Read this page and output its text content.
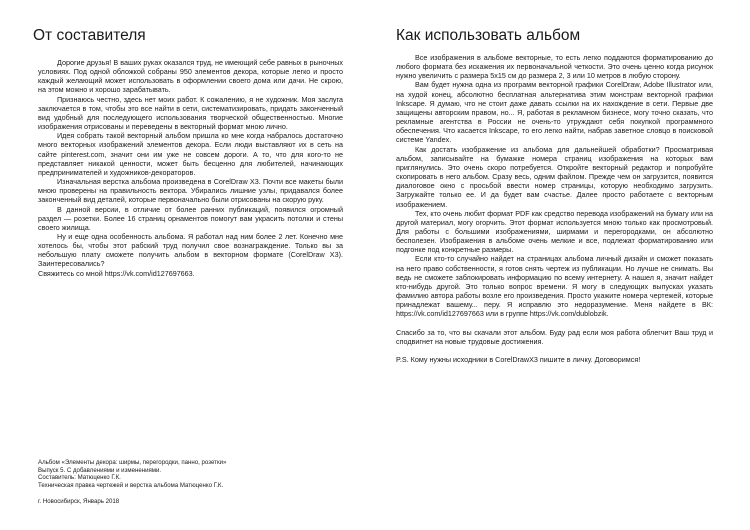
От составителя

Дорогие друзья! В ваших руках оказался труд, не имеющий себе равных в рыночных условиях. Под одной обложкой собраны 950 элементов декора, которые легко и просто каждый желающий может использовать в оформлении своего дома или дачи. Не скрою, на этом можно и хорошо зарабатывать.

Признаюсь честно, здесь нет моих работ. К сожалению, я не художник. Моя заслуга заключается в том, чтобы это все найти в сети, систематизировать, придать законченный вид удобный для последующего использования творческой общественностью. Многие изображения отрисованы и переведены в векторный формат мною лично.

Идея собрать такой векторный альбом пришла ко мне когда набралось достаточно много векторных изображений элементов декора. Если люди выставляют их в сеть на сайте pinterest.com, значит они им уже не совсем дороги. А то, что для кого-то не представляет никакой ценности, может быть бесценно для любителей, начинающих предпринимателей и художников-декораторов.

Изначальная верстка альбома произведена в CorelDraw X3. Почти все макеты были мною проверены на правильность вектора. Убирались лишние узлы, придавался более законченный вид деталей, которые первоначально были отрисованы на скорую руку.

В данной версии, в отличие от более ранних публикаций, появился огромный раздел — розетки. Более 16 страниц орнаментов помогут вам украсить потолки и стены своего жилища.

Ну и еще одна особенность альбома. Я работал над ним более 2 лет. Конечно мне хотелось бы, чтобы этот рабский труд получил свое вознаграждение. Только вы за небольшую плату сможете получить альбом в векторном формате (CorelDraw X3). Заинтересовались?

Свяжитесь со мной https://vk.com/id127697663.

Альбом «Элементы декора: ширмы, перегородки, панно, розетки»
Выпуск 5. С добавлениями и изменениями.
Составитель: Матюценко Г.К.
Техническая правка чертежей и верстка альбома Матюценко Г.К.
г. Новосибирск, Январь 2018
Как использовать альбом

Все изображения в альбоме векторные, то есть легко поддаются форматированию до любого формата без искажения их первоначальной четкости. Это очень ценно когда рисунок нужно увеличить с размера 5х15 см до размера 2, 3 или 10 метров в любую сторону.

Вам будет нужна одна из программ векторной графики CorelDraw, Adobe Illustrator или, на худой конец, абсолютно бесплатная альтернатива этим монстрам векторной графики Inkscape. Я думаю, что не стоит даже давать ссылки на их нахождение в сети. Первые две защищены авторским правом, но... Я, работая в рекламном бизнесе, могу точно сказать, что рекламные агентства в России не очень-то утруждают себя покупкой программного обеспечения. Что касается Inkscape, то его легко найти, набрав заветное словцо в поисковой системе Yandex.

Как достать изображение из альбома для дальнейшей обработки? Просматривая альбом, записывайте на бумажке номера страниц изображения на которых вам приглянулись. Это очень скоро потребуется. Откройте векторный редактор и попробуйте скопировать в него альбом. Сразу весь, одним файлом. Прежде чем он загрузится, появится диалоговое окно с просьбой ввести номер страницы, которую необходимо загрузить. Загружайте только ее. И да будет вам счастье. Далее просто работаете с векторным изображением.

Тех, кто очень любит формат PDF как средство перевода изображений на бумагу или на другой материал, могу огорчить. Этот формат используется мною только как просмотровый. Для работы с большими изображениями, ширмами и перегородками, он абсолютно бесполезен. Изображения в альбоме очень мелкие и все, подлежат форматированию или подгонке под конкретные размеры.

Если кто-то случайно найдет на страницах альбома личный дизайн и сможет показать на него право собственности, я готов снять чертеж из публикации. Но лучше не снимать. Вы ведь не сможете заблокировать информацию по всему интернету. А нашел я, значит найдет кто-нибудь другой. Это только вопрос времени. Я могу в следующих выпусках указать фамилию автора работы возле его произведения. Просто укажите номера чертежей, которые принадлежат вашему... перу. Я исправлю это недоразумение. Меня найдете в ВК: https://vk.com/id127697663 или в группе https://vk.com/dublobzik.

Спасибо за то, что вы скачали этот альбом. Буду рад если моя работа облегчит Ваш труд и сподвигнет на новые трудовые достижения.

P.S. Кому нужны исходники в CorelDrawX3 пишите в личку. Договоримся!
